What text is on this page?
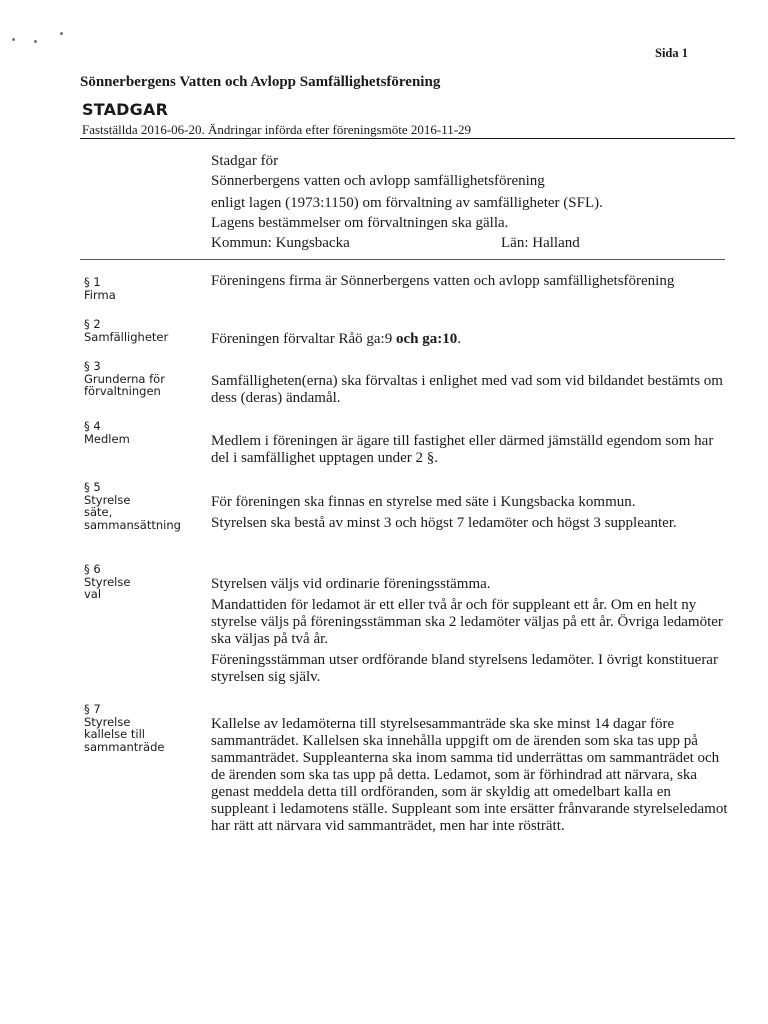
Sida 1
Sönnerbergens Vatten och Avlopp Samfällighetsförening
STADGAR
Fastställda 2016-06-20. Ändringar införda efter föreningsmöte 2016-11-29
Stadgar för
Sönnerbergens vatten och avlopp samfällighetsförening
enligt lagen (1973:1150) om förvaltning av samfälligheter (SFL).
Lagens bestämmelser om förvaltningen ska gälla.
Kommun: Kungsbacka	Län: Halland
§ 1
Firma

Föreningens firma är Sönnerbergens vatten och avlopp samfällighetsförening

§ 2
Samfälligheter	Föreningen förvaltar Råö ga:9 och ga:10.

§ 3
Grunderna för
förvaltningen

Samfälligheten(erna) ska förvaltas i enlighet med vad som vid bildandet bestämts om dess (deras) ändamål.

§ 4
Medlem	Medlem i föreningen är ägare till fastighet eller därmed jämställd egendom som har del i samfällighet upptagen under 2 §.

§ 5
Styrelse
säte,
sammansättning

För föreningen ska finnas en styrelse med säte i Kungsbacka kommun.

Styrelsen ska bestå av minst 3 och högst 7 ledamöter och högst 3 suppleanter.

§ 6
Styrelse
val

Styrelsen väljs vid ordinarie föreningsstämma.

Mandattiden för ledamot är ett eller två år och för suppleant ett år. Om en helt ny styrelse väljs på föreningsstämman ska 2 ledamöter väljas på ett år. Övriga ledamöter ska väljas på två år.

Föreningsstämman utser ordförande bland styrelsens ledamöter. I övrigt konstituerar styrelsen sig själv.

§ 7
Styrelse
kallelse till
sammanträde

Kallelse av ledamöterna till styrelsesammanträde ska ske minst 14 dagar före sammanträdet. Kallelsen ska innehålla uppgift om de ärenden som ska tas upp på sammanträdet. Suppleanterna ska inom samma tid underrättas om sammanträdet och de ärenden som ska tas upp på detta. Ledamot, som är förhindrad att närvara, ska genast meddela detta till ordföranden, som är skyldig att omedelbart kalla en suppleant i ledamotens ställe. Suppleant som inte ersätter frånvarande styrelseledamot har rätt att närvara vid sammanträdet, men har inte rösträtt.
